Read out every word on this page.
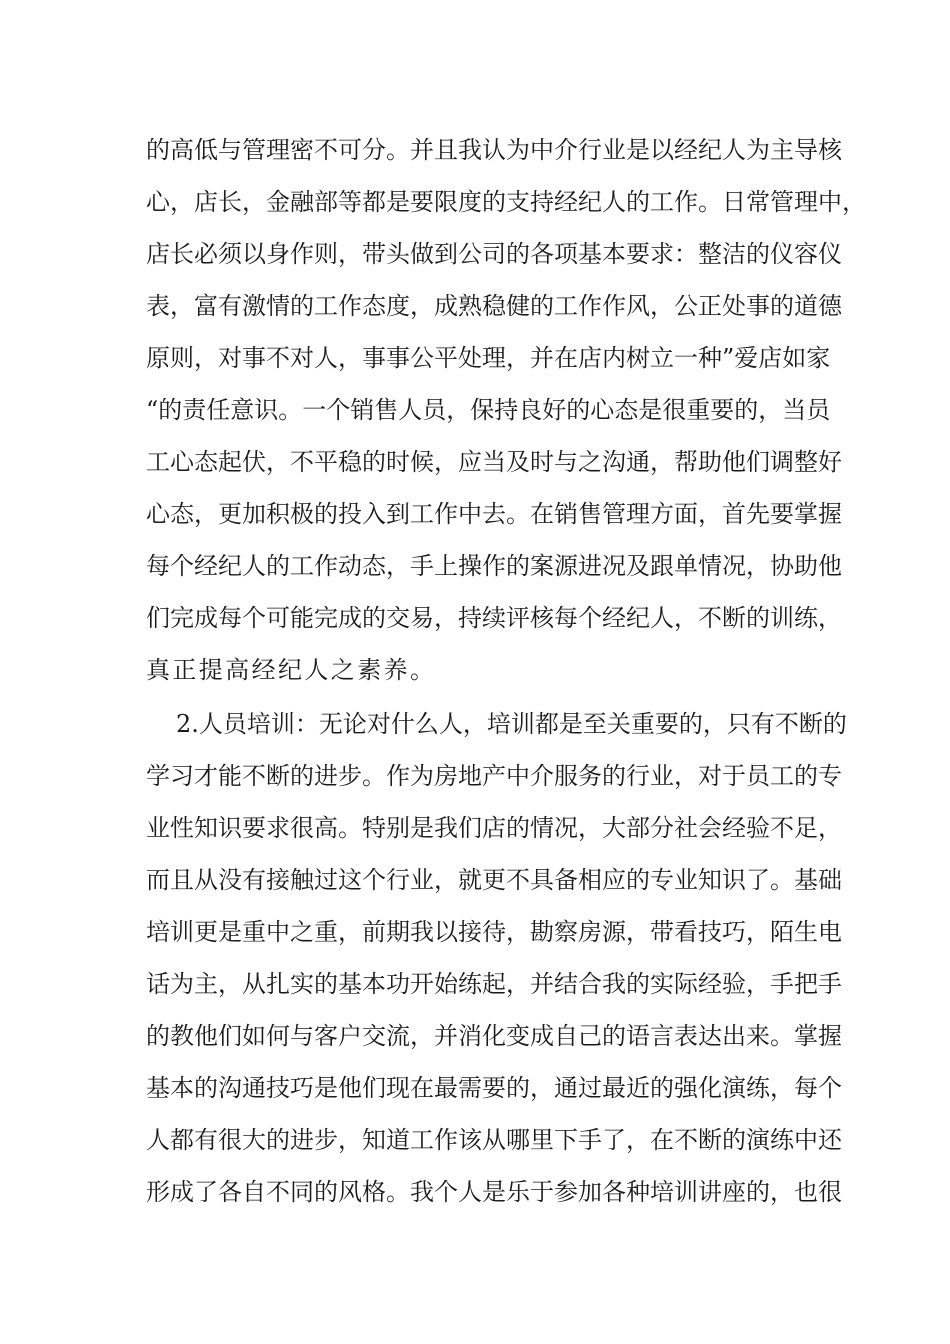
的高低与管理密不可分。并且我认为中介行业是以经纪人为主导核
心，店长，金融部等都是要限度的支持经纪人的工作。日常管理中，
店长必须以身作则，带头做到公司的各项基本要求：整洁的仪容仪
表，富有激情的工作态度，成熟稳健的工作作风，公正处事的道德
原则，对事不对人，事事公平处理，并在店内树立一种”爱店如家
“的责任意识。一个销售人员，保持良好的心态是很重要的，当员
工心态起伏，不平稳的时候，应当及时与之沟通，帮助他们调整好
心态，更加积极的投入到工作中去。在销售管理方面，首先要掌握
每个经纪人的工作动态，手上操作的案源进况及跟单情况，协助他
们完成每个可能完成的交易，持续评核每个经纪人，不断的训练，
真正提高经纪人之素养。
2.人员培训：无论对什么人，培训都是至关重要的，只有不断的
学习才能不断的进步。作为房地产中介服务的行业，对于员工的专
业性知识要求很高。特别是我们店的情况，大部分社会经验不足，
而且从没有接触过这个行业，就更不具备相应的专业知识了。基础
培训更是重中之重，前期我以接待，勘察房源，带看技巧，陌生电
话为主，从扎实的基本功开始练起，并结合我的实际经验，手把手
的教他们如何与客户交流，并消化变成自己的语言表达出来。掌握
基本的沟通技巧是他们现在最需要的，通过最近的强化演练，每个
人都有很大的进步，知道工作该从哪里下手了，在不断的演练中还
形成了各自不同的风格。我个人是乐于参加各种培训讲座的，也很
